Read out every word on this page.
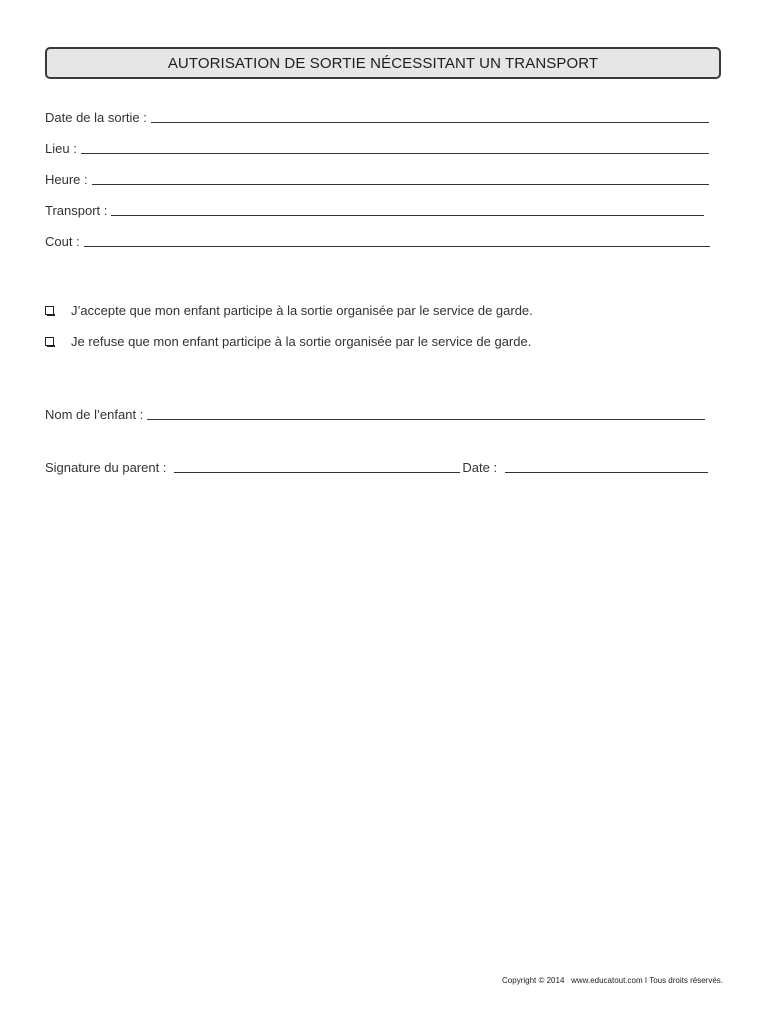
AUTORISATION DE SORTIE NÉCESSITANT UN TRANSPORT
Date de la sortie :
Lieu :
Heure :
Transport :
Cout :
J’accepte que mon enfant participe à la sortie organisée par le service de garde.
Je refuse que mon enfant participe à la sortie organisée par le service de garde.
Nom de l’enfant :
Signature du parent :	Date :
Copyright © 2014   www.educatout.com I Tous droits réservés.
